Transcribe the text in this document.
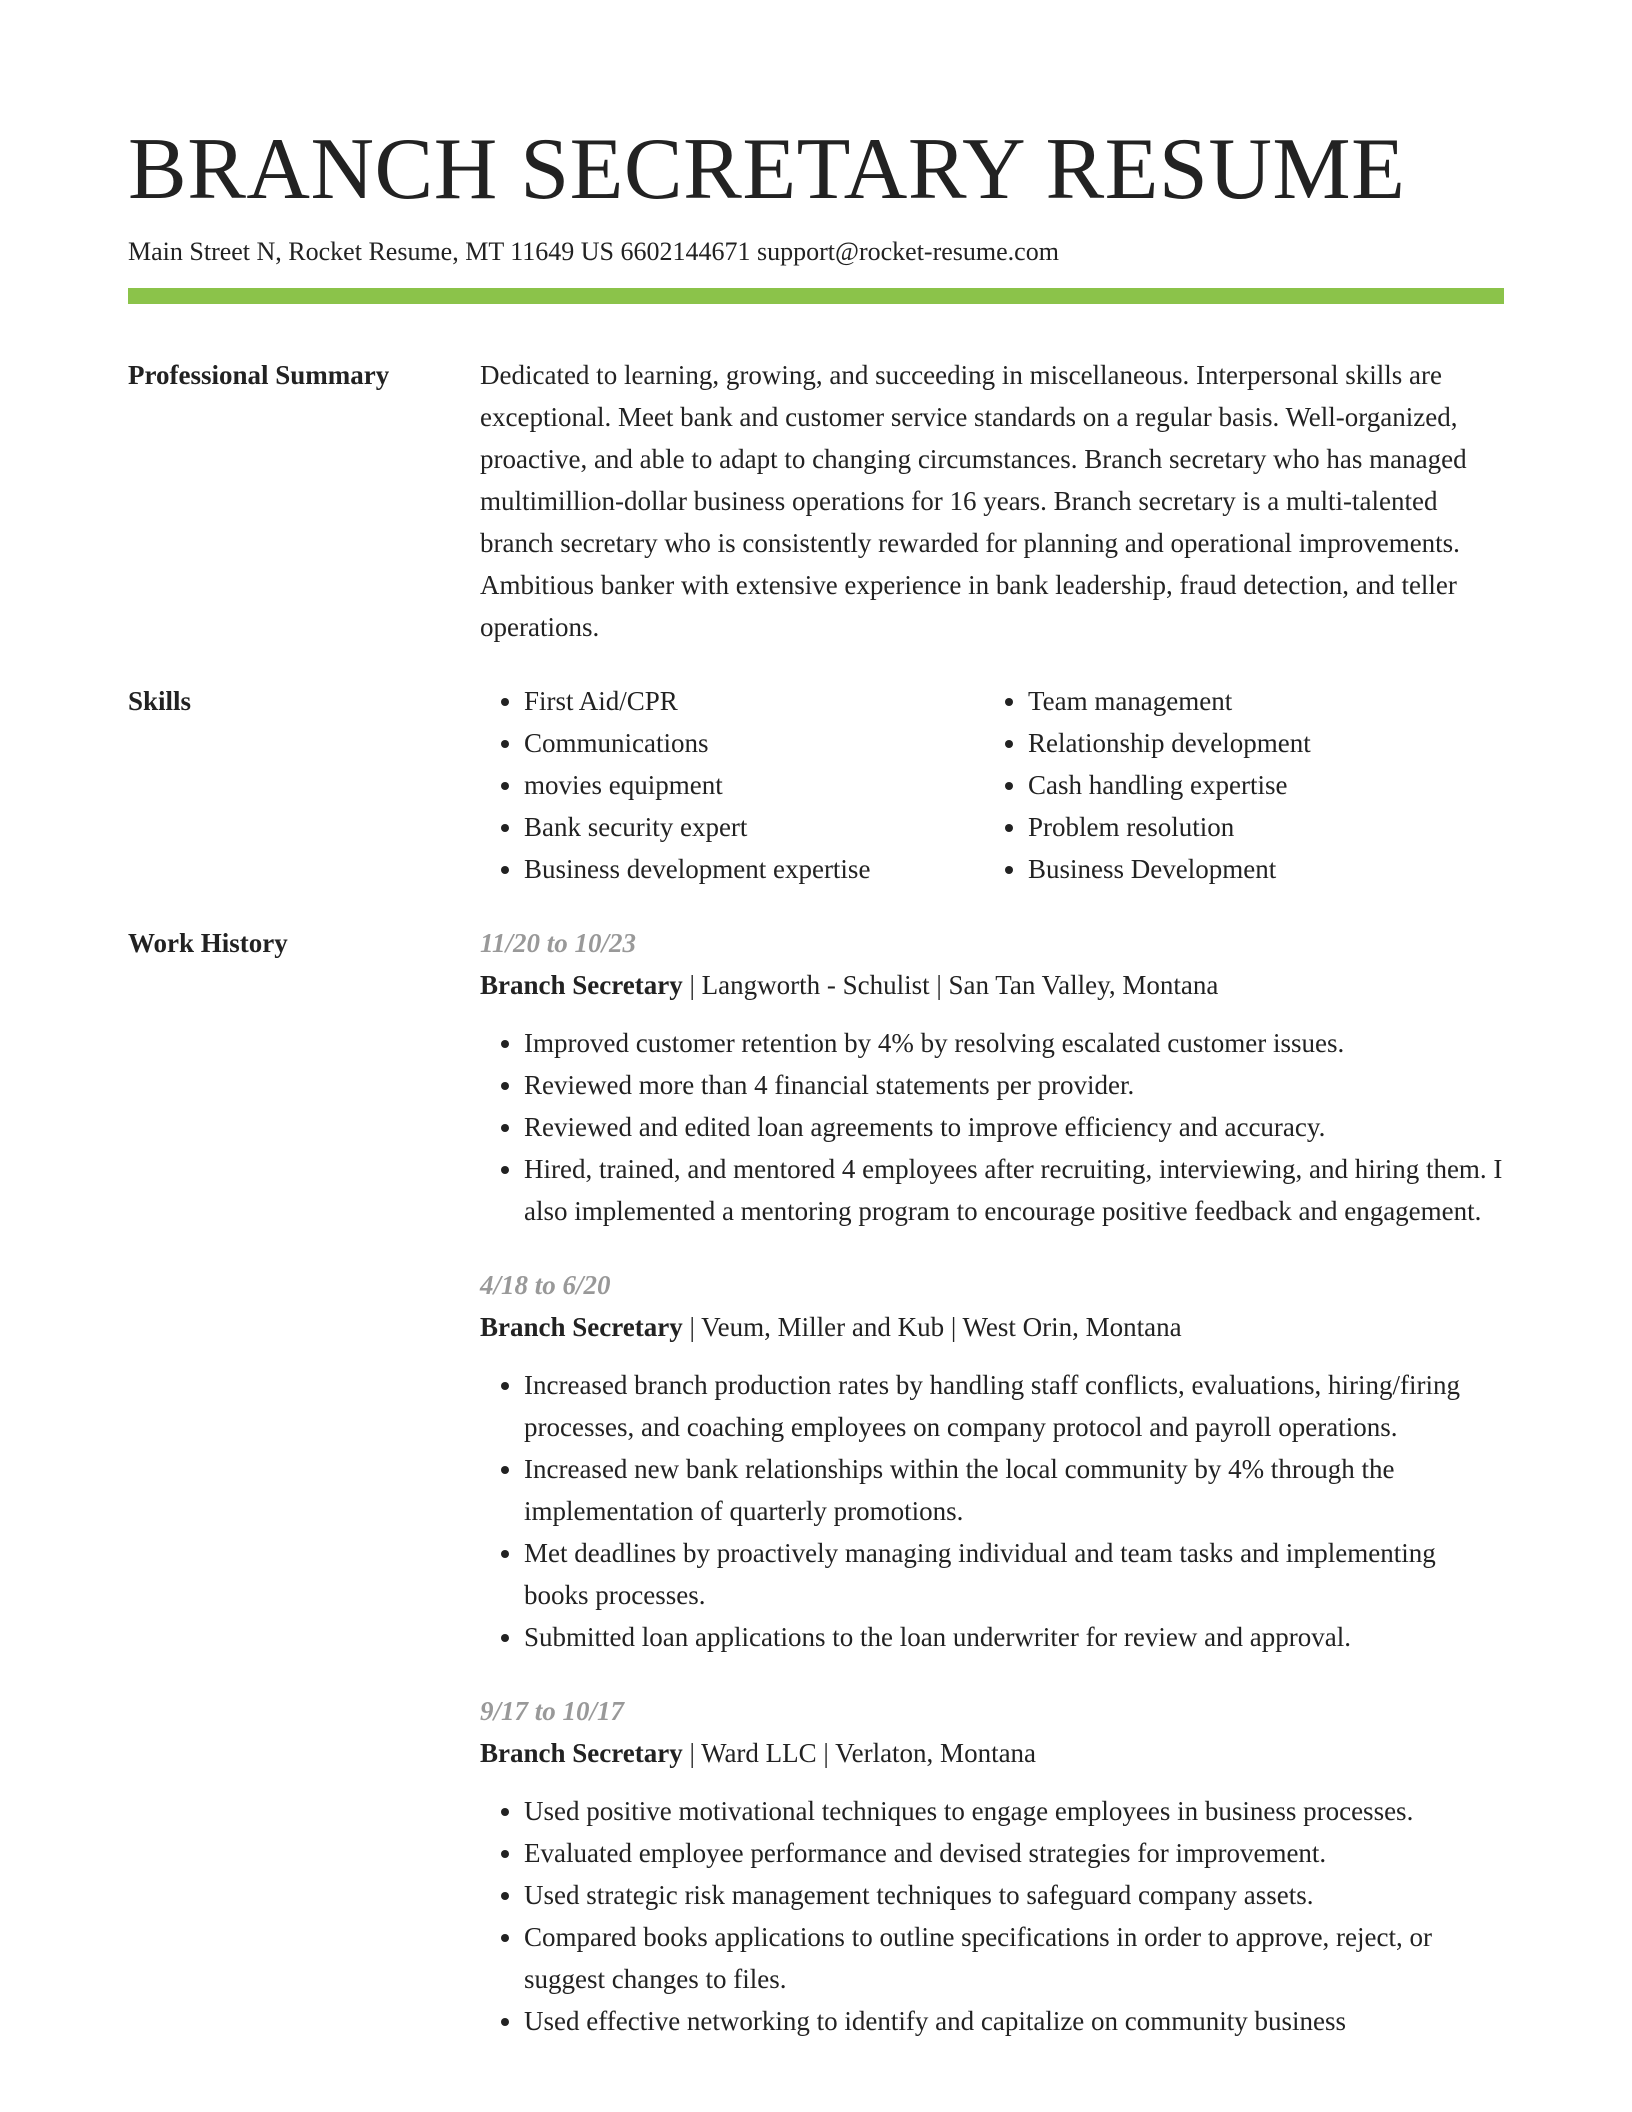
BRANCH SECRETARY RESUME
Main Street N, Rocket Resume, MT 11649 US 6602144671 support@rocket-resume.com
Professional Summary	Dedicated to learning, growing, and succeeding in miscellaneous. Interpersonal skills are exceptional. Meet bank and customer service standards on a regular basis. Well-organized, proactive, and able to adapt to changing circumstances. Branch secretary who has managed multimillion-dollar business operations for 16 years. Branch secretary is a multi-talented branch secretary who is consistently rewarded for planning and operational improvements. Ambitious banker with extensive experience in bank leadership, fraud detection, and teller operations.
Skills
•	First Aid/CPR
• Communications
• movies equipment
• Bank security expert
• Business development expertise
• Team management
• Relationship development
• Cash handling expertise
• Problem resolution
• Business Development
Work History	11/20 to 10/23
Branch Secretary | Langworth - Schulist | San Tan Valley, Montana
• Improved customer retention by 4% by resolving escalated customer issues.
• Reviewed more than 4 financial statements per provider.
• Reviewed and edited loan agreements to improve efficiency and accuracy.
• Hired, trained, and mentored 4 employees after recruiting, interviewing, and hiring them. I also implemented a mentoring program to encourage positive feedback and engagement.
4/18 to 6/20
Branch Secretary | Veum, Miller and Kub | West Orin, Montana
• Increased branch production rates by handling staff conflicts, evaluations, hiring/firing processes, and coaching employees on company protocol and payroll operations.
• Increased new bank relationships within the local community by 4% through the implementation of quarterly promotions.
• Met deadlines by proactively managing individual and team tasks and implementing books processes.
• Submitted loan applications to the loan underwriter for review and approval.
9/17 to 10/17
Branch Secretary | Ward LLC | Verlaton, Montana
• Used positive motivational techniques to engage employees in business processes.
• Evaluated employee performance and devised strategies for improvement.
• Used strategic risk management techniques to safeguard company assets.
• Compared books applications to outline specifications in order to approve, reject, or suggest changes to files.
• Used effective networking to identify and capitalize on community business
